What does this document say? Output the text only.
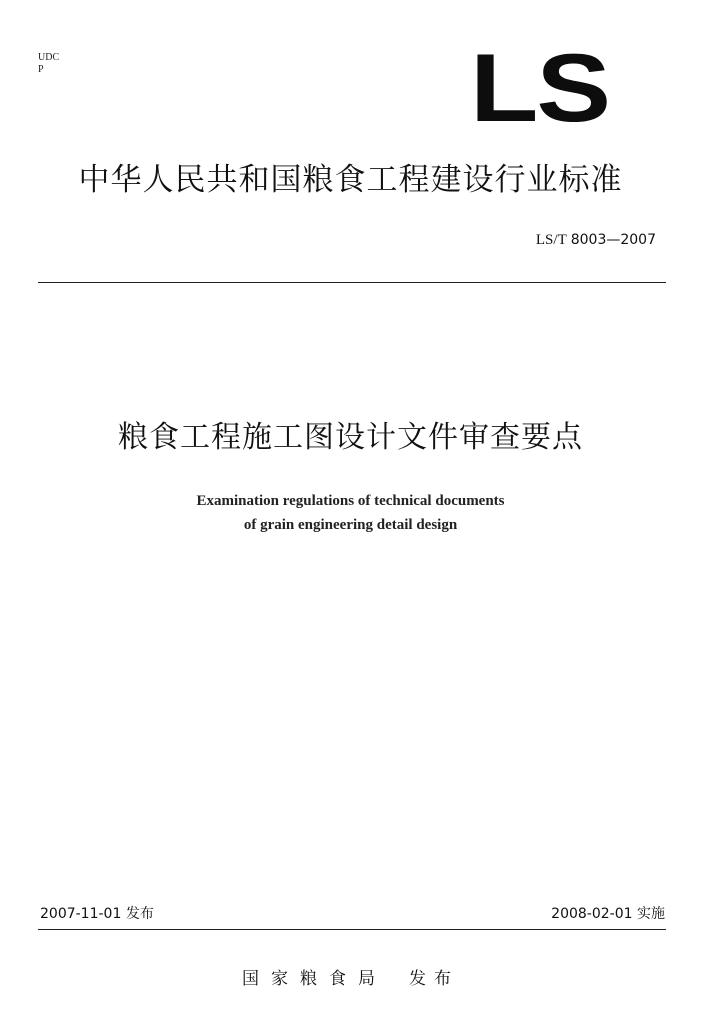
UDC
P	LS
中华人民共和国粮食工程建设行业标准
LS/T 8003—2007
粮食工程施工图设计文件审查要点
Examination regulations of technical documents
of grain engineering detail design
2007-11-01 发布	2008-02-01 实施
国家粮食局 发布
